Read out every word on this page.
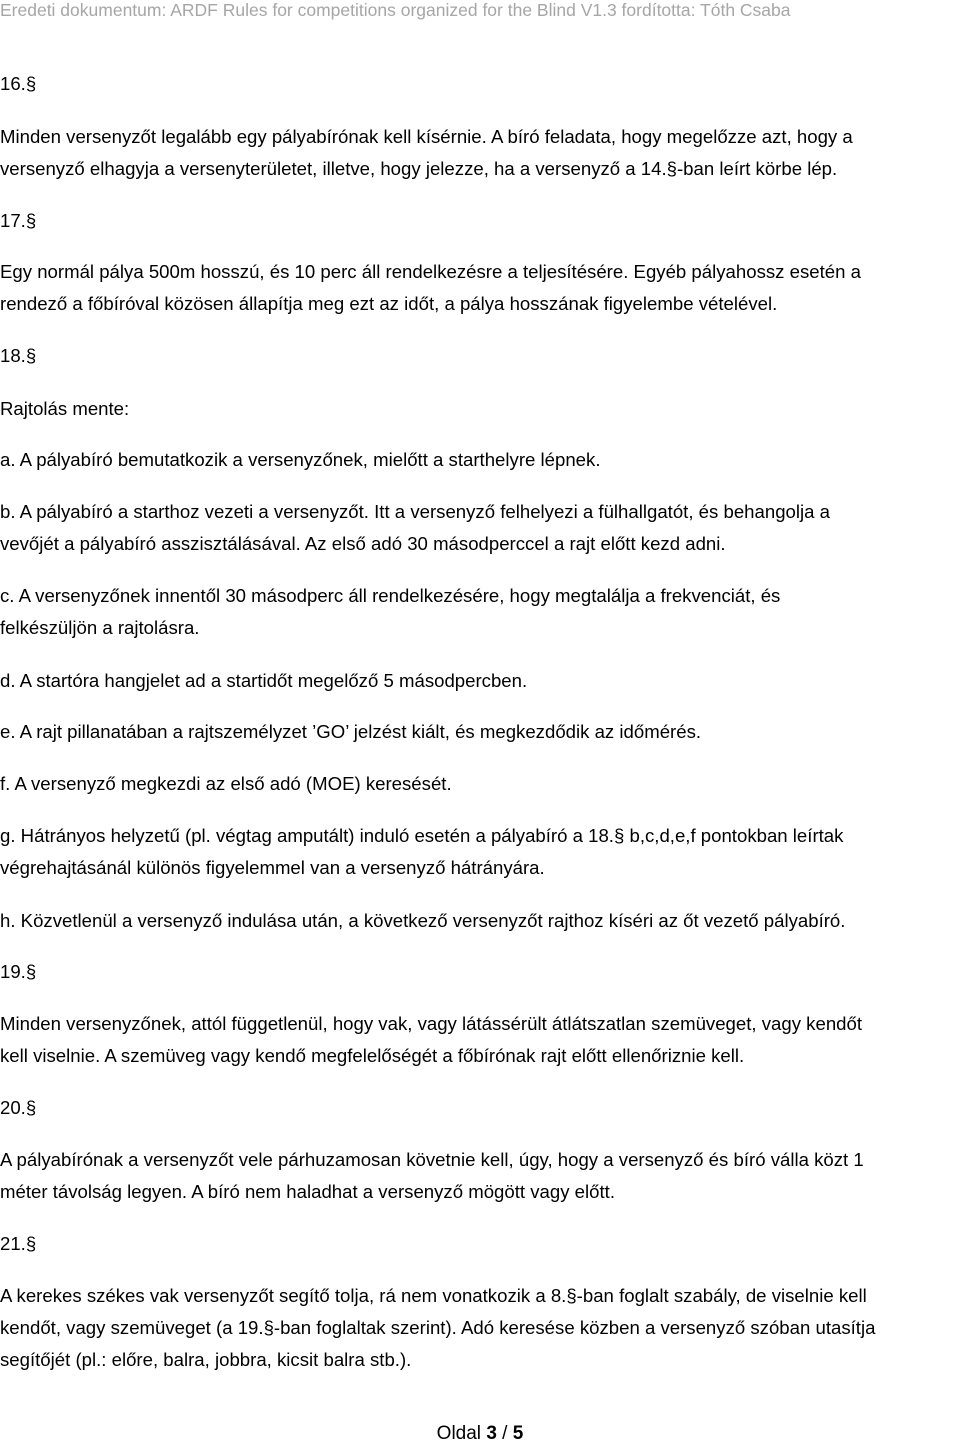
Eredeti dokumentum: ARDF Rules for competitions organized for the Blind V1.3 fordította: Tóth Csaba
16.§
Minden versenyzőt legalább egy pályabírónak kell kísérnie. A bíró feladata, hogy megelőzze azt, hogy a
versenyző elhagyja a versenyterületet, illetve, hogy jelezze, ha a versenyző a 14.§-ban leírt körbe lép.
17.§
Egy normál pálya 500m hosszú, és 10 perc áll rendelkezésre a teljesítésére. Egyéb pályahossz esetén a
rendező a főbíróval közösen állapítja meg ezt az időt, a pálya hosszának figyelembe vételével.
18.§
Rajtolás mente:
a. A pályabíró bemutatkozik a versenyzőnek, mielőtt a starthelyre lépnek.
b. A pályabíró a starthoz vezeti a versenyzőt. Itt a versenyző felhelyezi a fülhallgatót, és behangolja a
vevőjét a pályabíró asszisztálásával. Az első adó 30 másodperccel a rajt előtt kezd adni.
c. A versenyzőnek innentől 30 másodperc áll rendelkezésére, hogy megtalálja a frekvenciát, és
felkészüljön a rajtolásra.
d. A startóra hangjelet ad a startidőt megelőző 5 másodpercben.
e. A rajt pillanatában a rajtszemélyzet ’GO’ jelzést kiált, és megkezdődik az időmérés.
f. A versenyző megkezdi az első adó (MOE) keresését.
g. Hátrányos helyzetű (pl. végtag amputált) induló esetén a pályabíró a 18.§ b,c,d,e,f pontokban leírtak
végrehajtásánál különös figyelemmel van a versenyző hátrányára.
h. Közvetlenül a versenyző indulása után, a következő versenyzőt rajthoz kíséri az őt vezető pályabíró.
19.§
Minden versenyzőnek, attól függetlenül, hogy vak, vagy látássérült átlátszatlan szemüveget, vagy kendőt
kell viselnie. A szemüveg vagy kendő megfelelőségét a főbírónak rajt előtt ellenőriznie kell.
20.§
A pályabírónak a versenyzőt vele párhuzamosan követnie kell, úgy, hogy a versenyző és bíró válla közt 1
méter távolság legyen. A bíró nem haladhat a versenyző mögött vagy előtt.
21.§
A kerekes székes vak versenyzőt segítő tolja, rá nem vonatkozik a 8.§-ban foglalt szabály, de viselnie kell
kendőt, vagy szemüveget (a 19.§-ban foglaltak szerint). Adó keresése közben a versenyző szóban utasítja
segítőjét (pl.: előre, balra, jobbra, kicsit balra stb.).
Oldal 3 / 5
